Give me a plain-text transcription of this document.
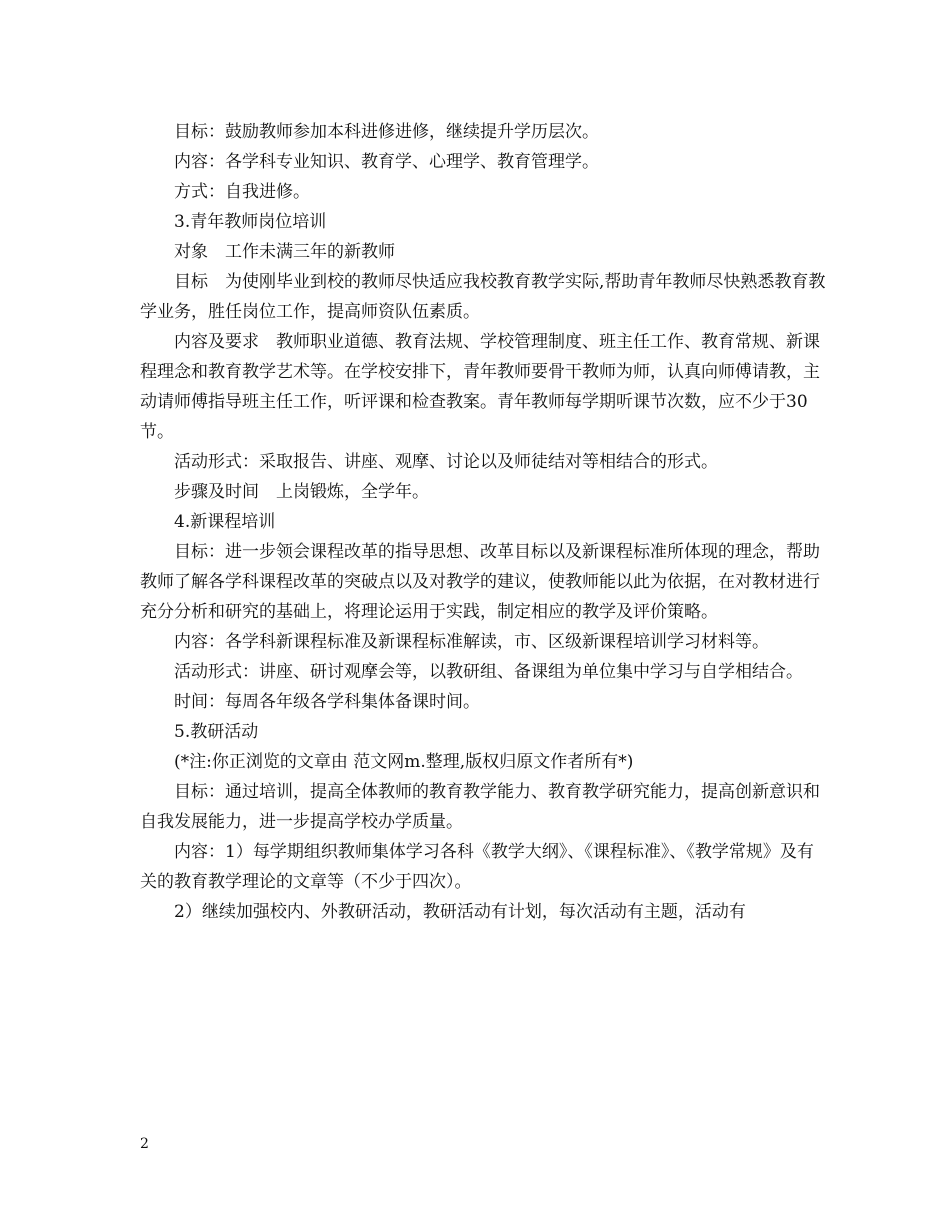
目标：鼓励教师参加本科进修进修，继续提升学历层次。

内容：各学科专业知识、教育学、心理学、教育管理学。

方式：自我进修。

3.青年教师岗位培训

对象　工作未满三年的新教师

目标　为使刚毕业到校的教师尽快适应我校教育教学实际,帮助青年教师尽快熟悉教育教学业务，胜任岗位工作，提高师资队伍素质。

内容及要求　教师职业道德、教育法规、学校管理制度、班主任工作、教育常规、新课程理念和教育教学艺术等。在学校安排下，青年教师要骨干教师为师，认真向师傅请教，主动请师傅指导班主任工作，听评课和检查教案。青年教师每学期听课节次数，应不少于30节。

活动形式：采取报告、讲座、观摩、讨论以及师徒结对等相结合的形式。

步骤及时间　上岗锻炼，全学年。

4.新课程培训

目标：进一步领会课程改革的指导思想、改革目标以及新课程标准所体现的理念，帮助教师了解各学科课程改革的突破点以及对教学的建议，使教师能以此为依据，在对教材进行充分分析和研究的基础上，将理论运用于实践，制定相应的教学及评价策略。

内容：各学科新课程标准及新课程标准解读，市、区级新课程培训学习材料等。

活动形式：讲座、研讨观摩会等，以教研组、备课组为单位集中学习与自学相结合。

时间：每周各年级各学科集体备课时间。

5.教研活动

(*注:你正浏览的文章由 范文网m.整理,版权归原文作者所有*)

目标：通过培训，提高全体教师的教育教学能力、教育教学研究能力，提高创新意识和自我发展能力，进一步提高学校办学质量。

内容：1）每学期组织教师集体学习各科《教学大纲》、《课程标准》、《教学常规》及有关的教育教学理论的文章等（不少于四次）。

2）继续加强校内、外教研活动，教研活动有计划，每次活动有主题，活动有

2
